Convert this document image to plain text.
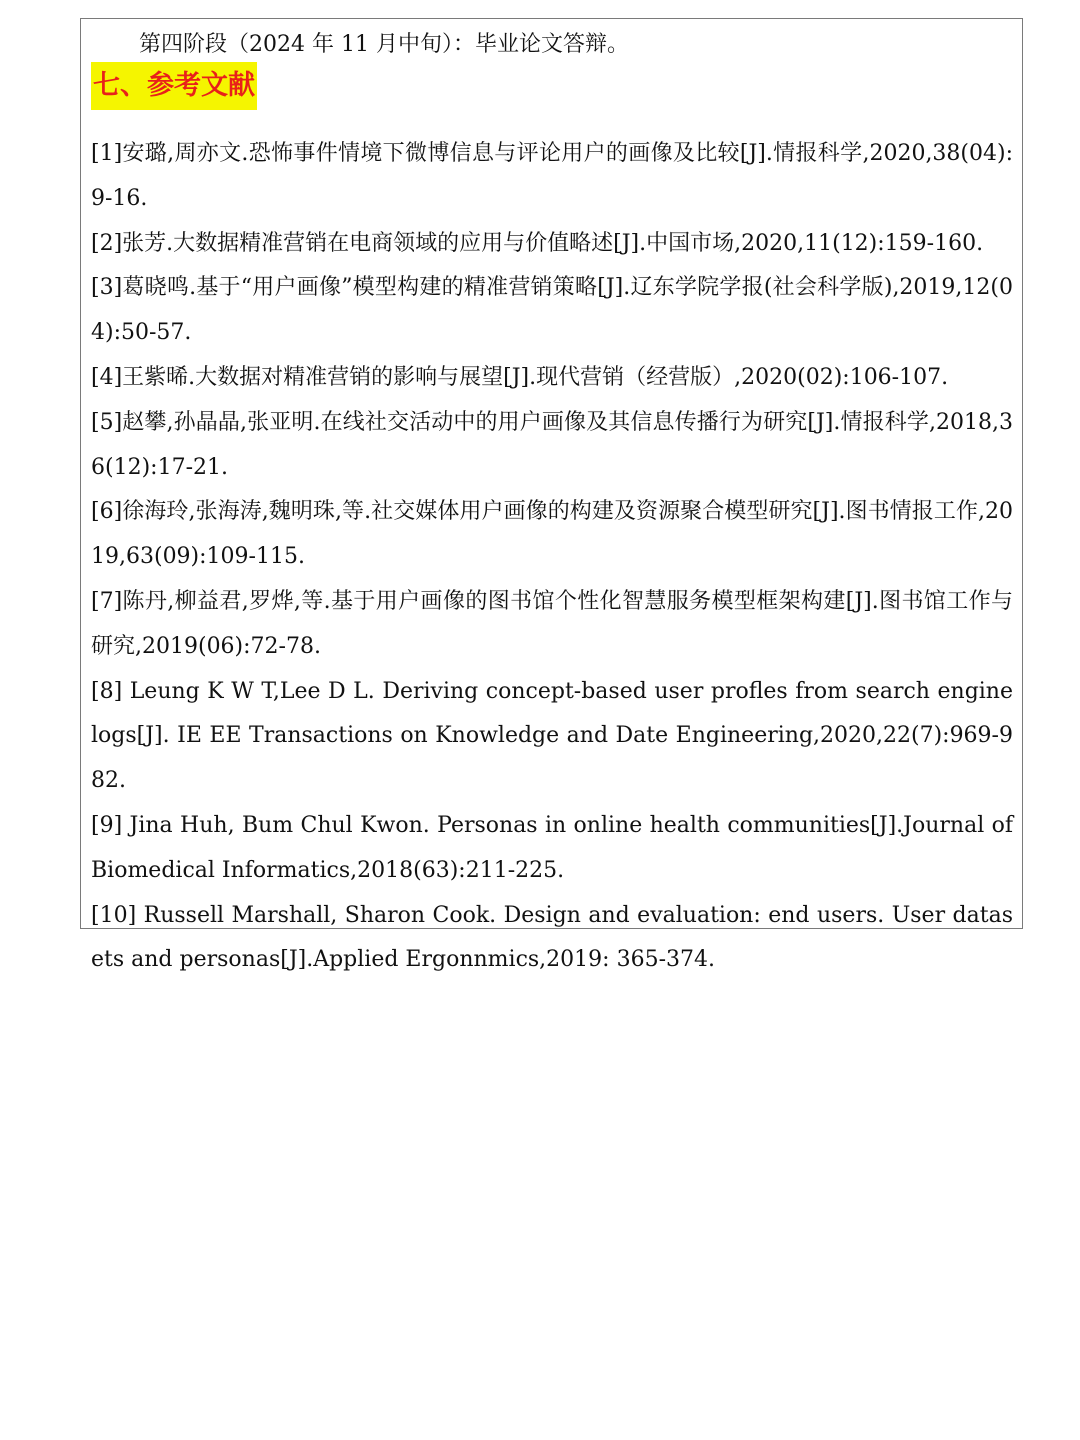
第四阶段（2024 年 11 月中旬）：毕业论文答辩。
七、参考文献
[1]安璐,周亦文.恐怖事件情境下微博信息与评论用户的画像及比较[J].情报科学,2020,38(04):9-16.
[2]张芳.大数据精准营销在电商领域的应用与价值略述[J].中国市场,2020,11(12):159-160.
[3]葛晓鸣.基于“用户画像”模型构建的精准营销策略[J].辽东学院学报(社会科学版),2019,12(04):50-57.
[4]王紫晞.大数据对精准营销的影响与展望[J].现代营销（经营版）,2020(02):106-107.
[5]赵攀,孙晶晶,张亚明.在线社交活动中的用户画像及其信息传播行为研究[J].情报科学,2018,36(12):17-21.
[6]徐海玲,张海涛,魏明珠,等.社交媒体用户画像的构建及资源聚合模型研究[J].图书情报工作,2019,63(09):109-115.
[7]陈丹,柳益君,罗烨,等.基于用户画像的图书馆个性化智慧服务模型框架构建[J].图书馆工作与研究,2019(06):72-78.
[8] Leung K W T,Lee D L. Deriving concept-based user profles from search engine logs[J]. IE EE Transactions on Knowledge and Date Engineering,2020,22(7):969-982.
[9] Jina Huh, Bum Chul Kwon. Personas in online health communities[J].Journal of Biomedical Informatics,2018(63):211-225.
[10] Russell Marshall, Sharon Cook. Design and evaluation: end users. User datasets and personas[J].Applied Ergonnmics,2019: 365-374.
